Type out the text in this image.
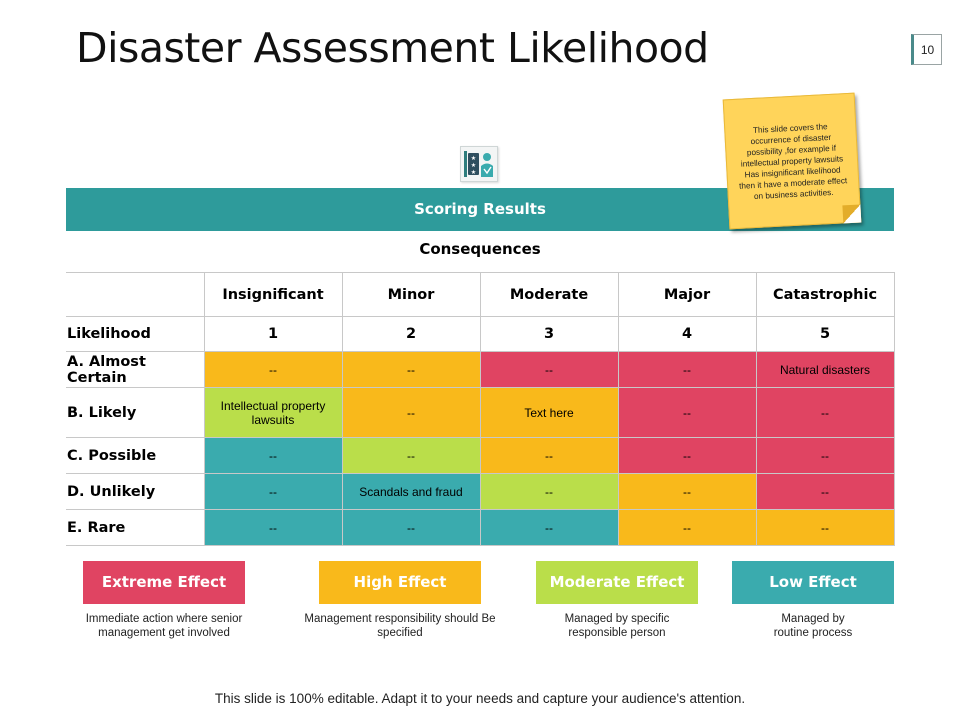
Disaster Assessment Likelihood	10
★
★
★
Scoring Results
This slide covers the occurrence of disaster possibility ,for example if intellectual property lawsuits Has insignificant likelihood then it have a moderate effect on business activities.
Consequences
	Insignificant	Minor	Moderate	Major	Catastrophic
Likelihood	1	2	3	4	5
A. Almost Certain	--	--	--	--	Natural disasters
B. Likely	Intellectual property lawsuits	--	Text here	--	--
C. Possible	--	--	--	--	--
D. Unlikely	--	Scandals and fraud	--	--	--
E. Rare	--	--	--	--	--
Extreme Effect	High Effect	Moderate Effect	Low Effect
Immediate action where senior management get involved
Management responsibility should Be specified
Managed by specific responsible person
Managed by routine process
This slide is 100% editable. Adapt it to your needs and capture your audience's attention.
